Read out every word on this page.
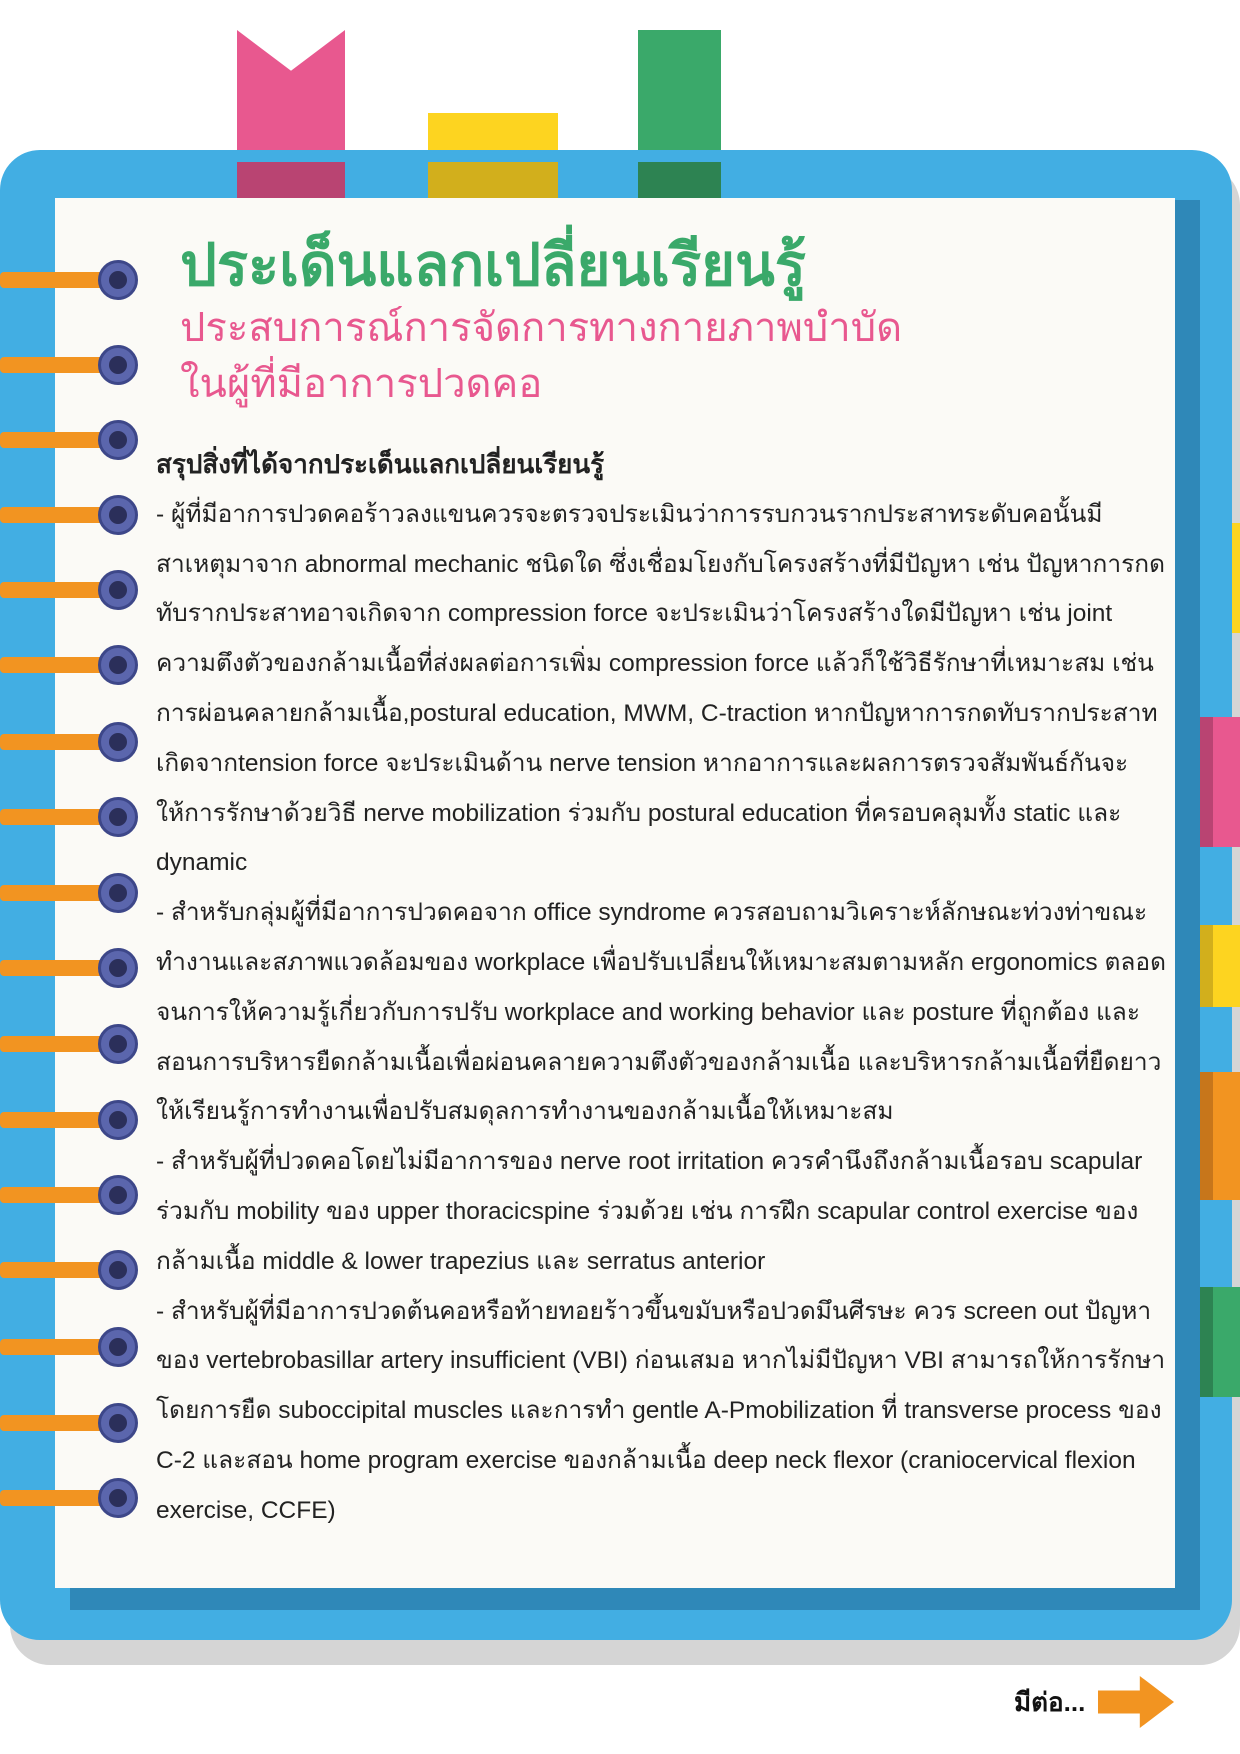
ประเด็นแลกเปลี่ยนเรียนรู้
ประสบการณ์การจัดการทางกายภาพบำบัด
ในผู้ที่มีอาการปวดคอ
สรุปสิ่งที่ได้จากประเด็นแลกเปลี่ยนเรียนรู้

- ผู้ที่มีอาการปวดคอร้าวลงแขนควรจะตรวจประเมินว่าการรบกวนรากประสาทระดับคอนั้นมีสาเหตุมาจาก abnormal mechanic ชนิดใด ซึ่งเชื่อมโยงกับโครงสร้างที่มีปัญหา เช่น ปัญหาการกดทับรากประสาทอาจเกิดจาก compression force จะประเมินว่าโครงสร้างใดมีปัญหา เช่น joint ความตึงตัวของกล้ามเนื้อที่ส่งผลต่อการเพิ่ม compression force แล้วก็ใช้วิธีรักษาที่เหมาะสม เช่น การผ่อนคลายกล้ามเนื้อ,postural education, MWM, C-traction หากปัญหาการกดทับรากประสาทเกิดจากtension force จะประเมินด้าน nerve tension หากอาการและผลการตรวจสัมพันธ์กันจะให้การรักษาด้วยวิธี nerve mobilization ร่วมกับ postural education ที่ครอบคลุมทั้ง static และ dynamic

- สำหรับกลุ่มผู้ที่มีอาการปวดคอจาก office syndrome ควรสอบถามวิเคราะห์ลักษณะท่วงท่าขณะทำงานและสภาพแวดล้อมของ workplace เพื่อปรับเปลี่ยนให้เหมาะสมตามหลัก ergonomics ตลอดจนการให้ความรู้เกี่ยวกับการปรับ workplace and working behavior และ posture ที่ถูกต้อง และสอนการบริหารยืดกล้ามเนื้อเพื่อผ่อนคลายความตึงตัวของกล้ามเนื้อ และบริหารกล้ามเนื้อที่ยืดยาวให้เรียนรู้การทำงานเพื่อปรับสมดุลการทำงานของกล้ามเนื้อให้เหมาะสม

- สำหรับผู้ที่ปวดคอโดยไม่มีอาการของ nerve root irritation ควรคำนึงถึงกล้ามเนื้อรอบ scapular ร่วมกับ mobility ของ upper thoracicspine ร่วมด้วย เช่น การฝึก scapular control exercise ของกล้ามเนื้อ middle & lower trapezius และ serratus anterior

- สำหรับผู้ที่มีอาการปวดต้นคอหรือท้ายทอยร้าวขึ้นขมับหรือปวดมึนศีรษะ ควร screen out ปัญหาของ vertebrobasillar artery insufficient (VBI) ก่อนเสมอ หากไม่มีปัญหา VBI สามารถให้การรักษาโดยการยืด suboccipital muscles และการทำ gentle A-Pmobilization ที่ transverse process ของ C-2 และสอน home program exercise ของกล้ามเนื้อ deep neck flexor (craniocervical flexion exercise, CCFE)

มีต่อ...
